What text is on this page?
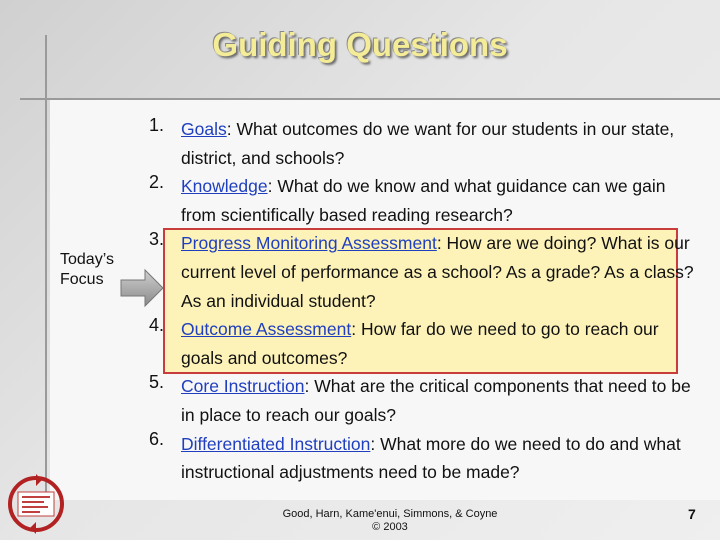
Guiding Questions
Today’s
Focus
1.
2.
3.
4.
5.
6.
Goals: What outcomes do we want for our students in our state, district, and schools?
Knowledge: What do we know and what guidance can we gain from scientifically based reading research?
Progress Monitoring Assessment: How are we doing? What is our current level of performance as a school? As a grade? As a class? As an individual student?
Outcome Assessment: How far do we need to go to reach our goals and outcomes?
Core Instruction: What are the critical components that need to be in place to reach our goals?
Differentiated Instruction: What more do we need to do and what instructional adjustments need to be made?
Good, Harn, Kame'enui, Simmons, & Coyne
© 2003
7
